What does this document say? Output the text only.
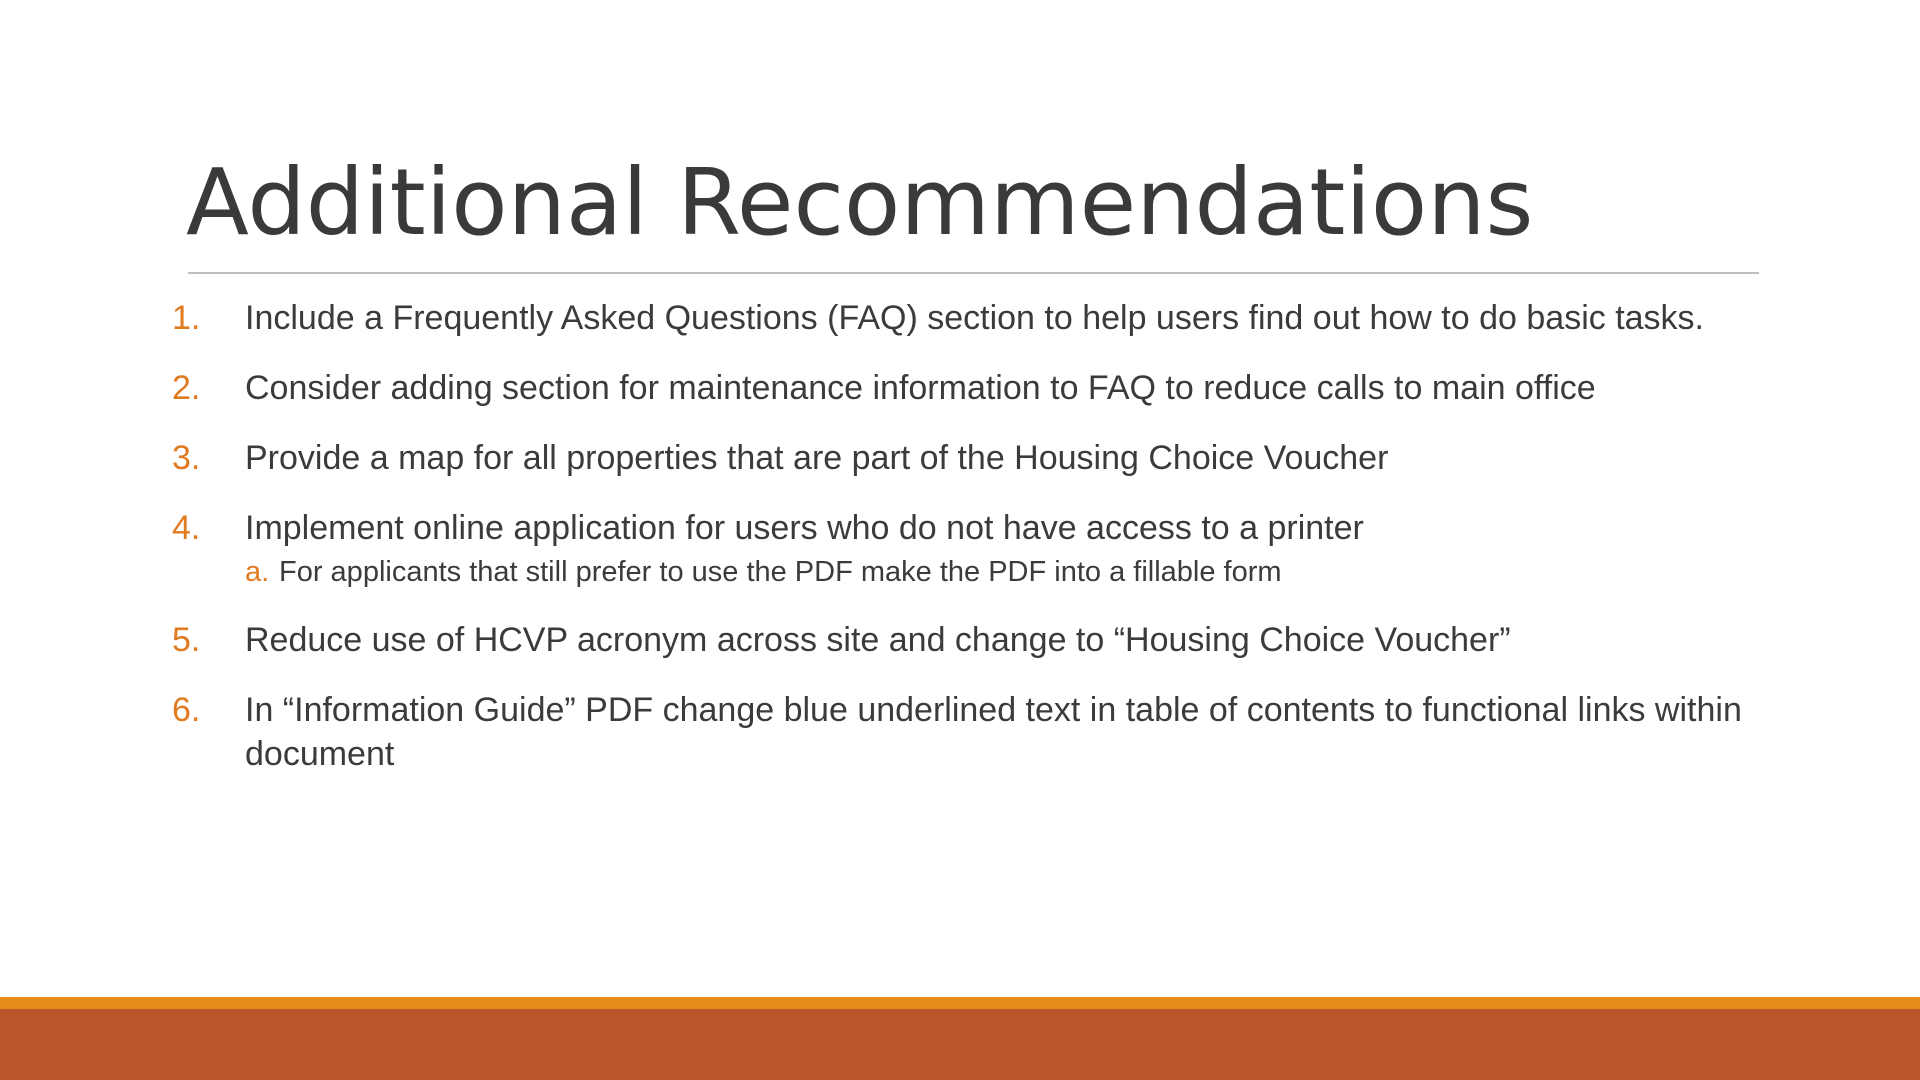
Additional Recommendations
1. Include a Frequently Asked Questions (FAQ) section to help users find out how to do basic tasks.
2. Consider adding section for maintenance information to FAQ to reduce calls to main office
3. Provide a map for all properties that are part of the Housing Choice Voucher
4. Implement online application for users who do not have access to a printer
a. For applicants that still prefer to use the PDF make the PDF into a fillable form
5. Reduce use of HCVP acronym across site and change to “Housing Choice Voucher”
6. In “Information Guide” PDF change blue underlined text in table of contents to functional links within document
